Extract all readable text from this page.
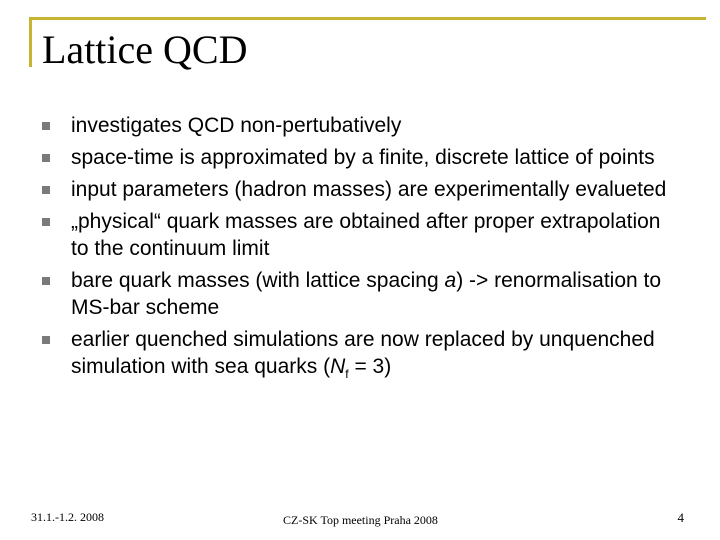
Lattice QCD
investigates QCD non-pertubatively
space-time is approximated by a finite, discrete lattice of points
input parameters (hadron masses) are experimentally evalueted
„physical“ quark masses are obtained after proper extrapolation to the continuum limit
bare quark masses (with lattice spacing a) -> renormalisation to MS-bar scheme
earlier quenched simulations are now replaced by unquenched simulation with sea quarks $(N_f = 3)$
31.1.-1.2. 2008	CZ-SK Top meeting Praha 2008	4
